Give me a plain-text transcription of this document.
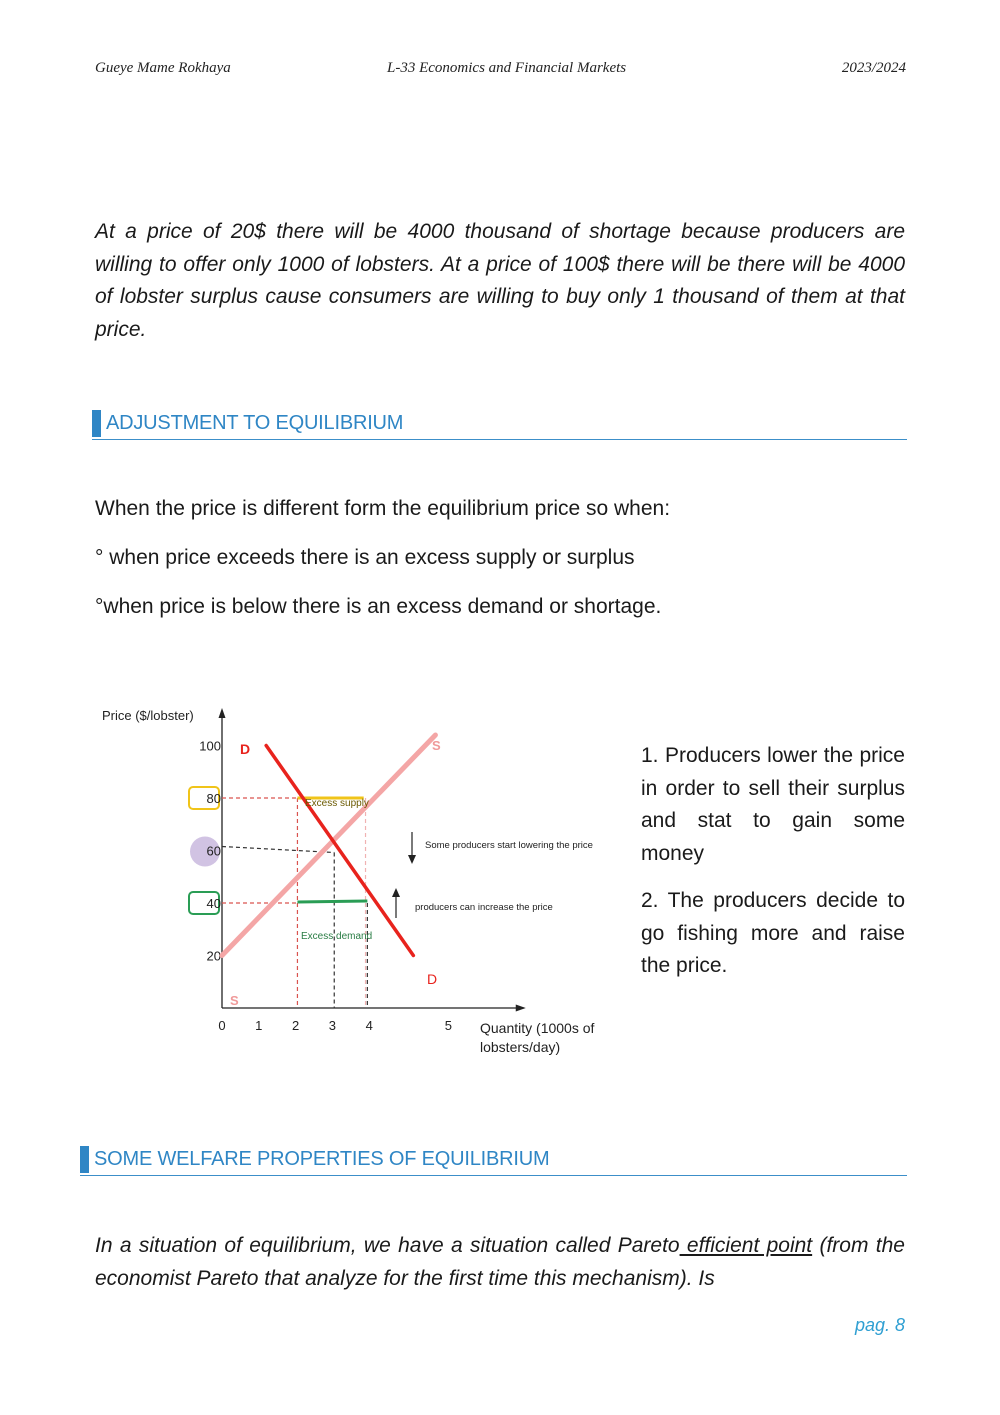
Gueye Mame Rokhaya	L-33 Economics and Financial Markets	2023/2024

At a price of 20$ there will be 4000 thousand of shortage because producers are willing to offer only 1000 of lobsters. At a price of 100$ there will be there will be 4000 of lobster surplus cause consumers are willing to buy only 1 thousand of them at that price.

ADJUSTMENT TO EQUILIBRIUM
When the price is different form the equilibrium price so when:
° when price exceeds there is an excess supply or surplus
°when price is below there is an excess demand or shortage.
Price ($/lobster)
Quantity (1000s of
lobsters/day)
0 1 2 3 4	5
100
80
60
40
20
D
D
S
S
Excess supply
Excess demand
Some producers start lowering the price
producers can increase the price
1. Producers lower the price in order to sell their surplus and stat to gain some money
2. The producers decide to go fishing more and raise the price.
SOME WELFARE PROPERTIES OF EQUILIBRIUM

In a situation of equilibrium, we have a situation called Pareto efficient point (from the economist Pareto that analyze for the first time this mechanism). Is

pag. 8
